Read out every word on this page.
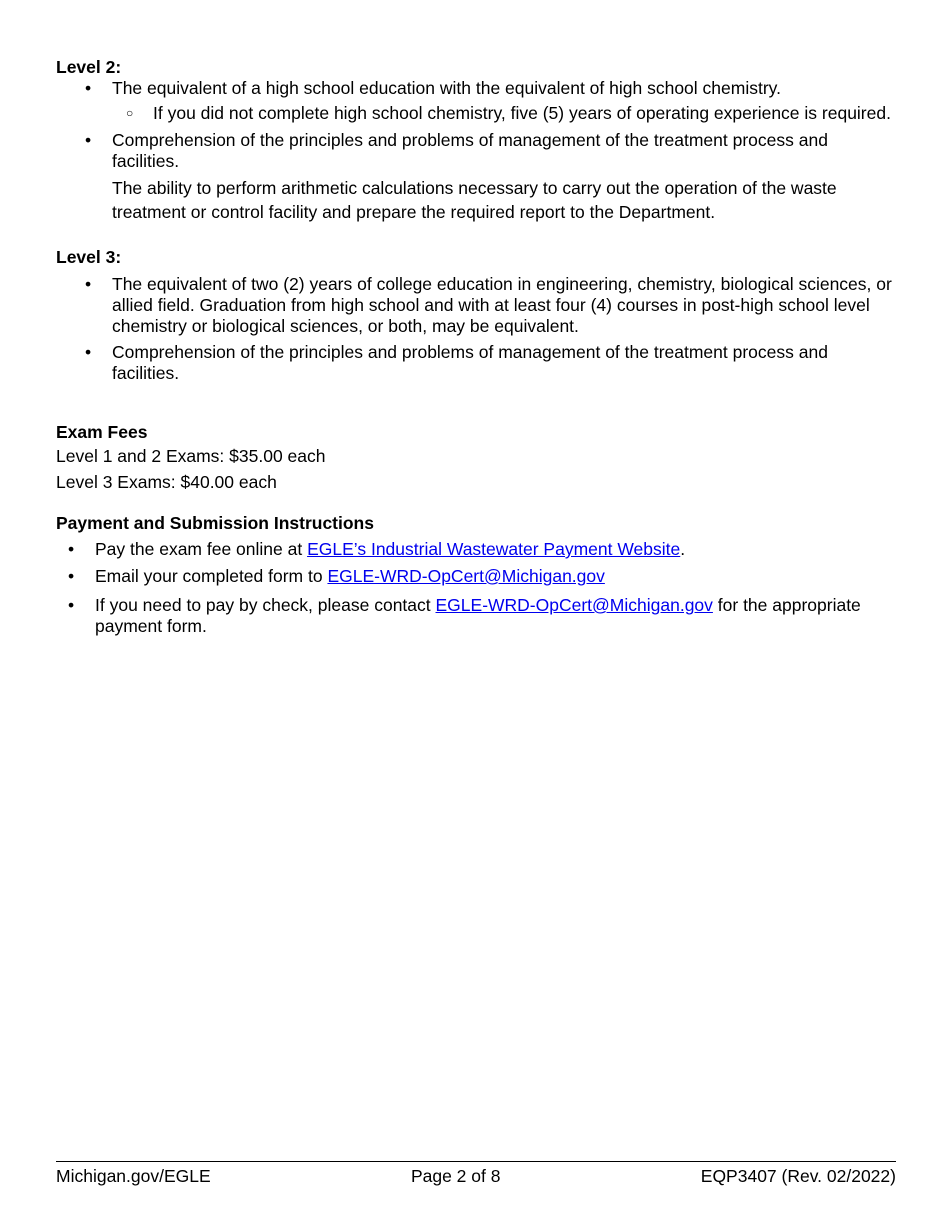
Level 2:

• The equivalent of a high school education with the equivalent of high school chemistry.
○ If you did not complete high school chemistry, five (5) years of operating experience is required.
• Comprehension of the principles and problems of management of the treatment process and facilities.

The ability to perform arithmetic calculations necessary to carry out the operation of the waste treatment or control facility and prepare the required report to the Department.

Level 3:

• The equivalent of two (2) years of college education in engineering, chemistry, biological sciences, or allied field. Graduation from high school and with at least four (4) courses in post-high school level chemistry or biological sciences, or both, may be equivalent.
• Comprehension of the principles and problems of management of the treatment process and facilities.

Exam Fees

Level 1 and 2 Exams: $35.00 each
Level 3 Exams: $40.00 each

Payment and Submission Instructions

• Pay the exam fee online at EGLE’s Industrial Wastewater Payment Website.
• Email your completed form to EGLE-WRD-OpCert@Michigan.gov
• If you need to pay by check, please contact EGLE-WRD-OpCert@Michigan.gov for the appropriate payment form.
Michigan.gov/EGLE	Page 2 of 8	EQP3407 (Rev. 02/2022)
